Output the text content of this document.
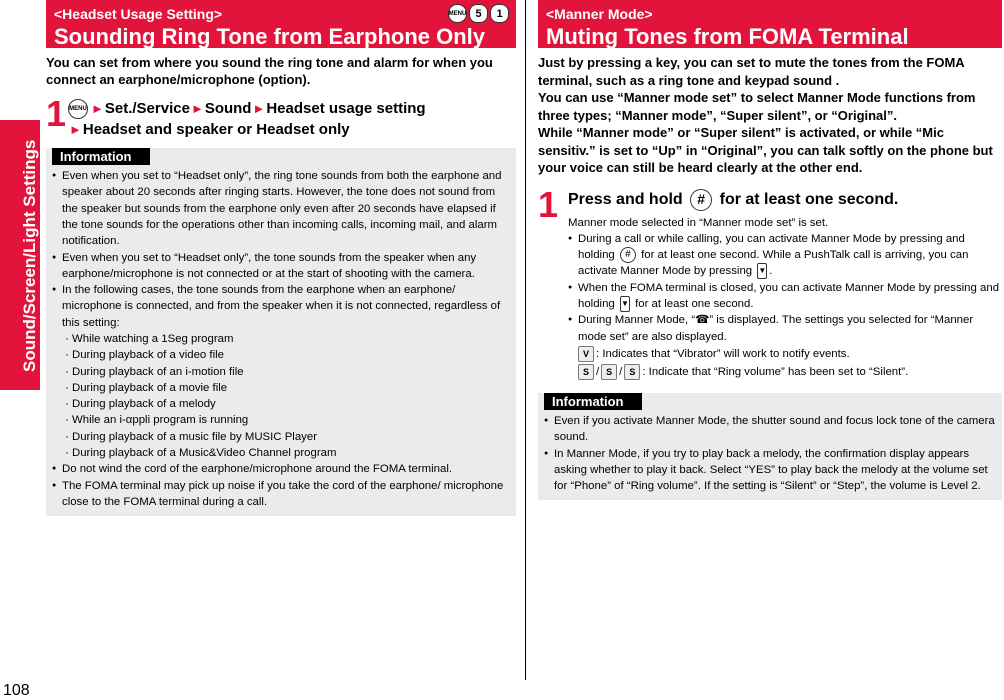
Sound/Screen/Light Settings
108
<Headset Usage Setting>
Sounding Ring Tone from Earphone Only
MENU 5	1
You can set from where you sound the ring tone and alarm for when you connect an earphone/microphone (option).
1 MENU ►Set./Service►Sound►Headset usage setting
►Headset and speaker or Headset only
Information
● Even when you set to “Headset only”, the ring tone sounds from both the earphone and speaker about 20 seconds after ringing starts. However, the tone does not sound from the speaker but sounds from the earphone only even after 20 seconds have elapsed if the tone sounds for the operations other than incoming calls, incoming mail, and alarm notification.
● Even when you set to “Headset only”, the tone sounds from the speaker when any earphone/microphone is not connected or at the start of shooting with the camera.
● In the following cases, the tone sounds from the earphone when an earphone/ microphone is connected, and from the speaker when it is not connected, regardless of this setting:
· While watching a 1Seg program
· During playback of a video file
· During playback of an i-motion file
· During playback of a movie file
· During playback of a melody
· While an i-αppli program is running
· During playback of a music file by MUSIC Player
· During playback of a Music&Video Channel program
● Do not wind the cord of the earphone/microphone around the FOMA terminal.
● The FOMA terminal may pick up noise if you take the cord of the earphone/ microphone close to the FOMA terminal during a call.
<Manner Mode>
Muting Tones from FOMA Terminal
Just by pressing a key, you can set to mute the tones from the FOMA terminal, such as a ring tone and keypad sound .
You can use “Manner mode set” to select Manner Mode functions from three types; “Manner mode”, “Super silent”, or “Original”.
While “Manner mode” or “Super silent” is activated, or while “Mic sensitiv.” is set to “Up” in “Original”, you can talk softly on the phone but your voice can still be heard clearly at the other end.
1 Press and hold # for at least one second.
Manner mode selected in “Manner mode set” is set.
● During a call or while calling, you can activate Manner Mode by pressing and holding # for at least one second. While a PushTalk call is arriving, you can activate Manner Mode by pressing ▼ .
● When the FOMA terminal is closed, you can activate Manner Mode by pressing and holding ▼ for at least one second.
● During Manner Mode, “☎” is displayed. The settings you selected for “Manner mode set” are also displayed.
V : Indicates that “Vibrator” will work to notify events.
S / S / S : Indicate that “Ring volume” has been set to “Silent”.
Information
● Even if you activate Manner Mode, the shutter sound and focus lock tone of the camera sound.
● In Manner Mode, if you try to play back a melody, the confirmation display appears asking whether to play it back. Select “YES” to play back the melody at the volume set for “Phone” of “Ring volume”. If the setting is “Silent” or “Step”, the volume is Level 2.
